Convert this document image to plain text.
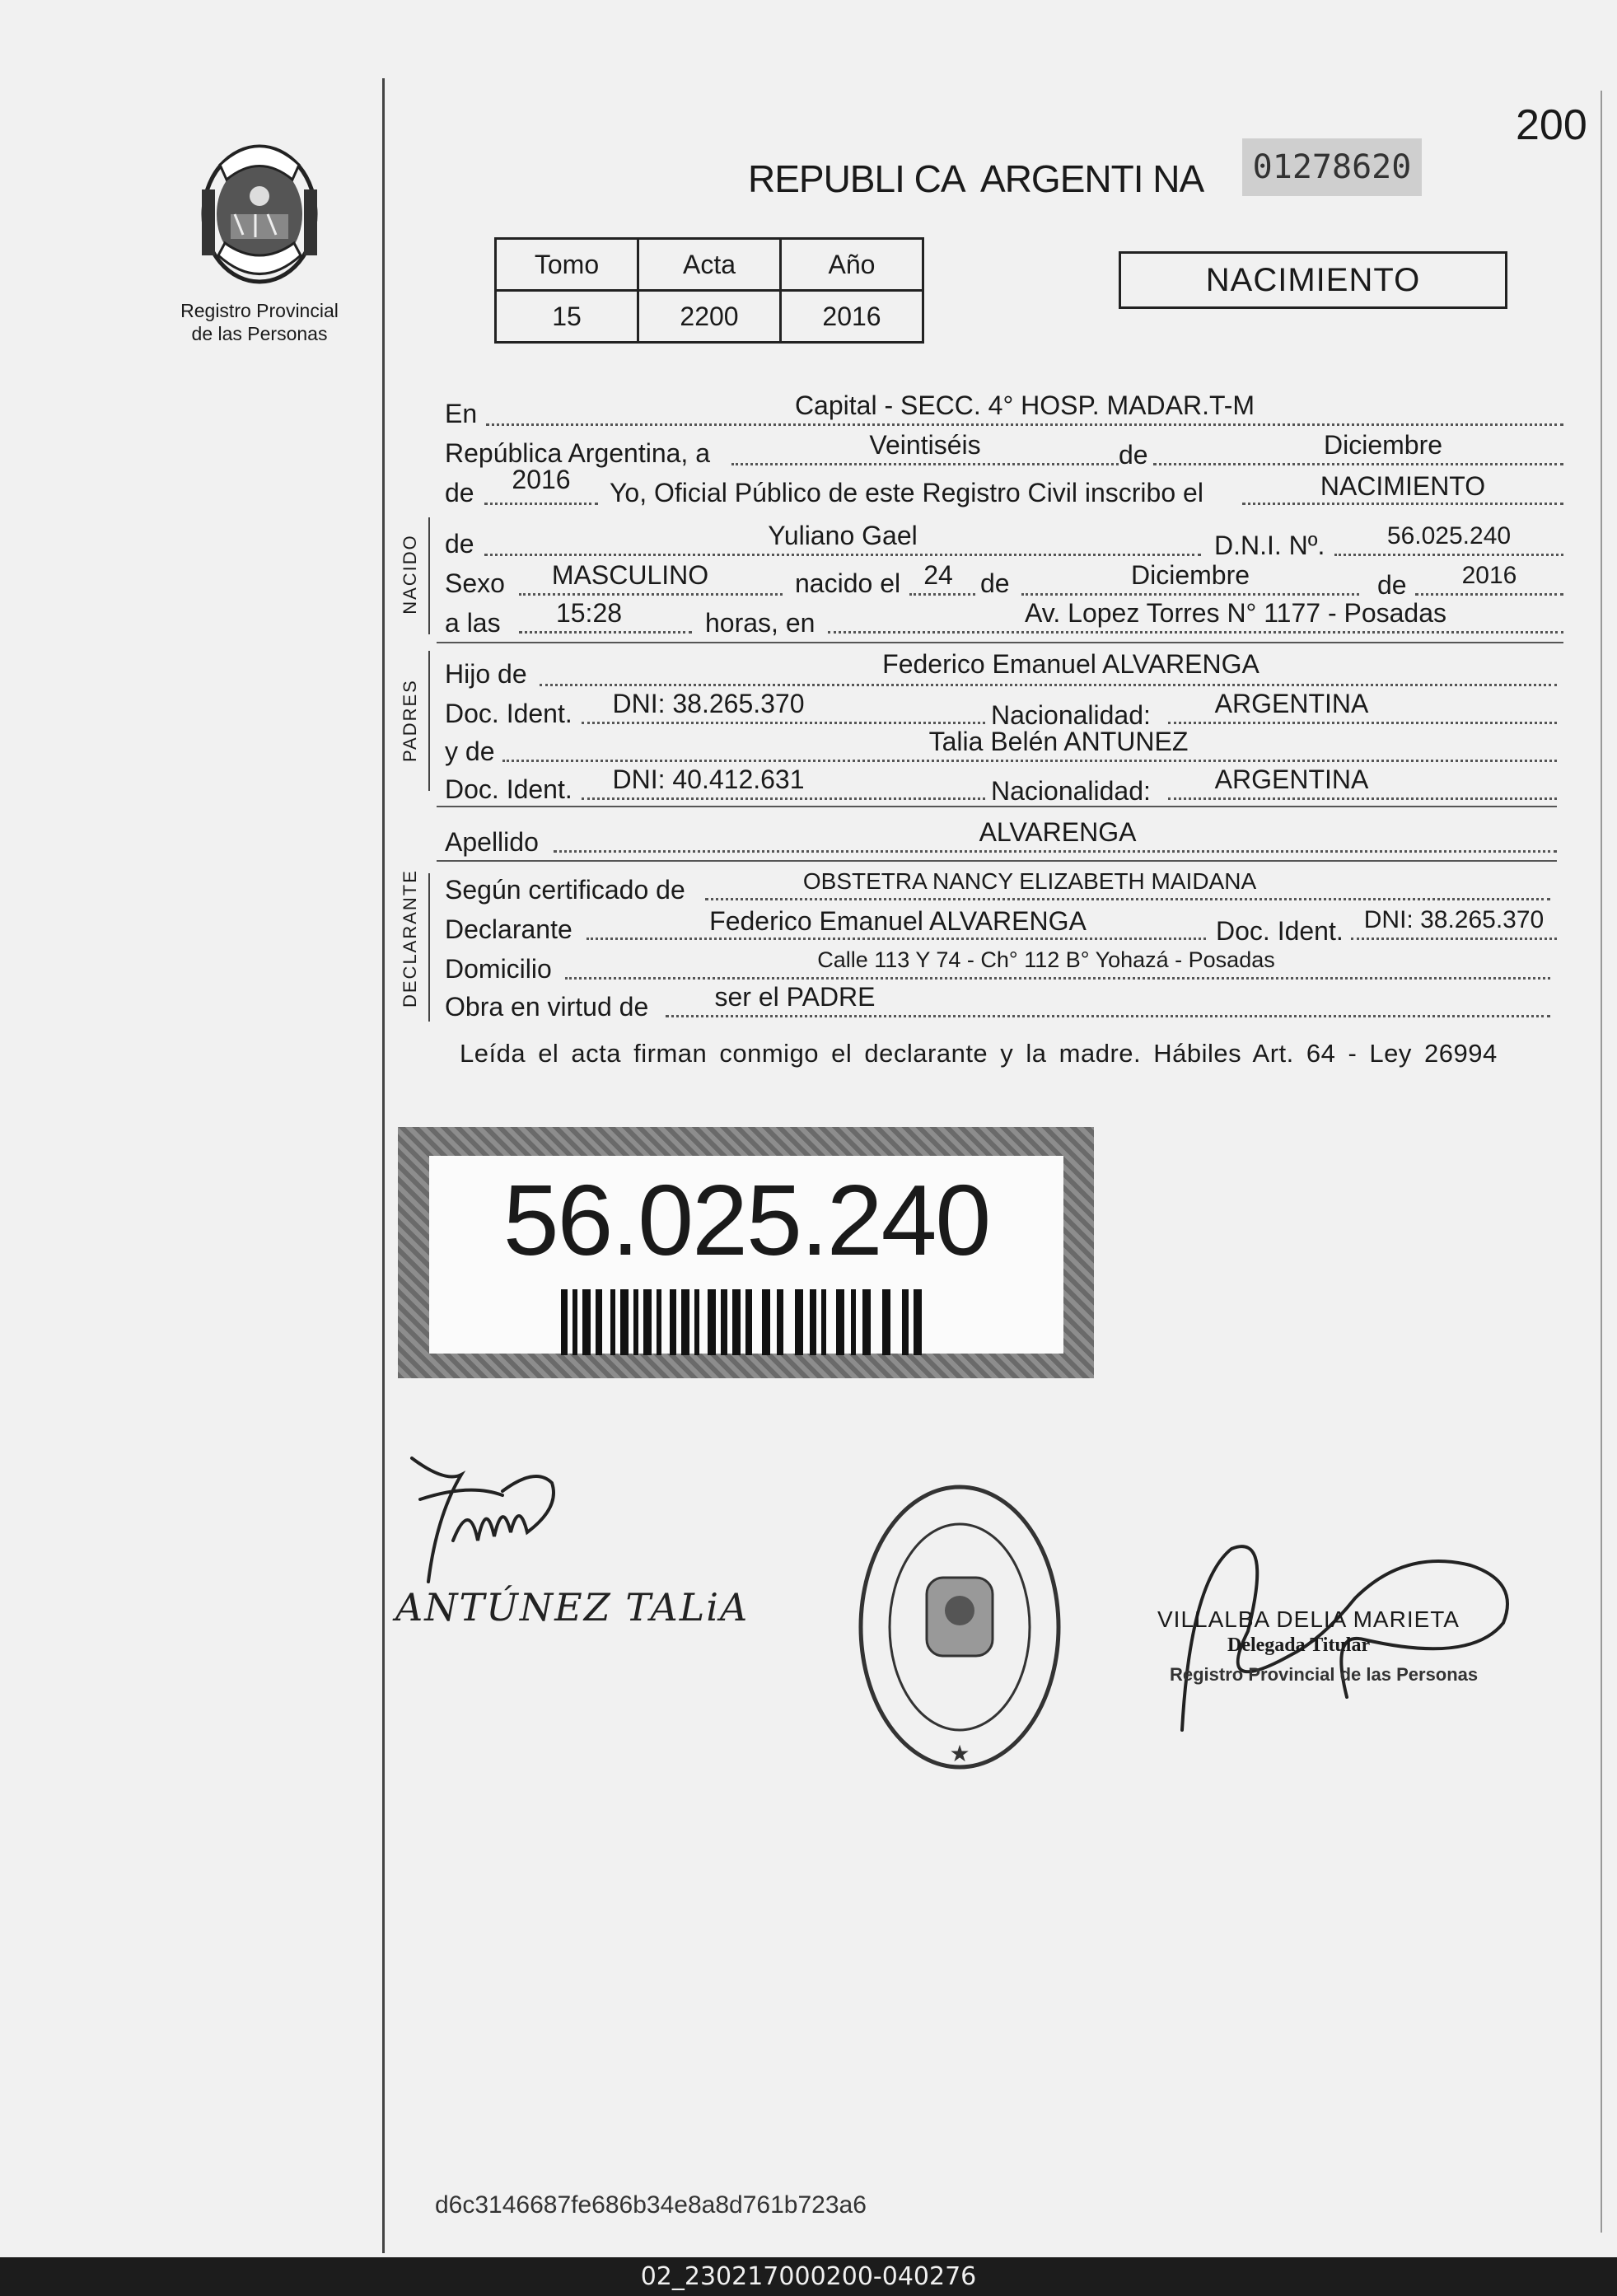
200
Registro Provincial
de las Personas
REPUBLI CA  ARGENTI NA	01278620
Tomo	Acta	Año
15	2200	2016
NACIMIENTO
En	Capital - SECC. 4° HOSP. MADAR.T-M
República Argentina, a	Veintiséis	de	Diciembre
de	2016	Yo, Oficial Público de este Registro Civil inscribo el	NACIMIENTO
NACIDO de	Yuliano Gael	D.N.I. Nº.	56.025.240
Sexo	MASCULINO	nacido el 24	de	Diciembre	de	2016
a las	15:28	horas, en	Av. Lopez Torres N° 1177 - Posadas
PADRES
Hijo de	Federico Emanuel ALVARENGA
Doc. Ident.	DNI: 38.265.370	Nacionalidad:	ARGENTINA
y de	Talia Belén ANTUNEZ
Doc. Ident.	DNI: 40.412.631	Nacionalidad:	ARGENTINA
Apellido	ALVARENGA
DECLARANTE Según certificado de	OBSTETRA NANCY ELIZABETH MAIDANA
Declarante	Federico Emanuel ALVARENGA	Doc. Ident. DNI: 38.265.370
Domicilio	Calle 113 Y 74 - Ch° 112 B° Yohazá - Posadas
Obra en virtud de	ser el PADRE
Leída el acta firman conmigo el declarante y la madre. Hábiles Art. 64 - Ley 26994
56.025.240
ANTÚNEZ TALiA
★
VILLALBA DELIA MARIETA
Delegada Titular
Registro Provincial de las Personas
d6c3146687fe686b34e8a8d761b723a6
02_230217000200-040276
